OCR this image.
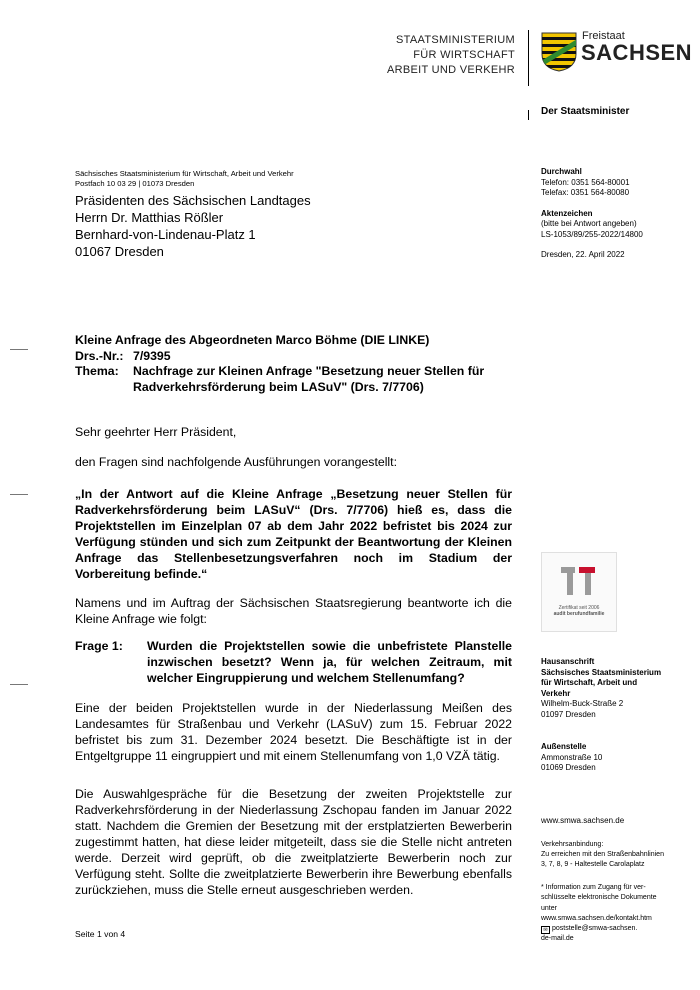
STAATSMINISTERIUM
FÜR WIRTSCHAFT
ARBEIT UND VERKEHR
Freistaat
SACHSEN
Der Staatsminister
Sächsisches Staatsministerium für Wirtschaft, Arbeit und Verkehr
Postfach 10 03 29 | 01073 Dresden
Präsidenten des Sächsischen Landtages
Herrn Dr. Matthias Rößler
Bernhard-von-Lindenau-Platz 1
01067 Dresden
Durchwahl
Telefon: 0351 564-80001
Telefax: 0351 564-80080
Aktenzeichen
(bitte bei Antwort angeben)
LS-1053/89/255-2022/14800
Dresden, 22. April 2022
Kleine Anfrage des Abgeordneten Marco Böhme (DIE LINKE)
Drs.-Nr.: 7/9395
Thema: Nachfrage zur Kleinen Anfrage "Besetzung neuer Stellen für
Radverkehrsförderung beim LASuV" (Drs. 7/7706)
Sehr geehrter Herr Präsident,
den Fragen sind nachfolgende Ausführungen vorangestellt:
„In der Antwort auf die Kleine Anfrage „Besetzung neuer Stellen für Radverkehrsförderung beim LASuV“ (Drs. 7/7706) hieß es, dass die Projektstellen im Einzelplan 07 ab dem Jahr 2022 befristet bis 2024 zur Verfügung stünden und sich zum Zeitpunkt der Beantwortung der Kleinen Anfrage das Stellenbesetzungsverfahren noch im Stadium der Vorbereitung befinde.“
Namens und im Auftrag der Sächsischen Staatsregierung beantworte ich die Kleine Anfrage wie folgt:
Frage 1: Wurden die Projektstellen sowie die unbefristete Planstelle inzwischen besetzt? Wenn ja, für welchen Zeitraum, mit welcher Eingruppierung und welchem Stellenumfang?
Eine der beiden Projektstellen wurde in der Niederlassung Meißen des Landesamtes für Straßenbau und Verkehr (LASuV) zum 15. Februar 2022 befristet bis zum 31. Dezember 2024 besetzt. Die Beschäftigte ist in der Entgeltgruppe 11 eingruppiert und mit einem Stellenumfang von 1,0 VZÄ tätig.
Die Auswahlgespräche für die Besetzung der zweiten Projektstelle zur Radverkehrsförderung in der Niederlassung Zschopau fanden im Januar 2022 statt. Nachdem die Gremien der Besetzung mit der erstplatzierten Bewerberin zugestimmt hatten, hat diese leider mitgeteilt, dass sie die Stelle nicht antreten werde. Derzeit wird geprüft, ob die zweitplatzierte Bewerberin noch zur Verfügung steht. Sollte die zweitplatzierte Bewerberin ihre Bewerbung ebenfalls zurückziehen, muss die Stelle erneut ausgeschrieben werden.
Zertifikat seit 2006
audit berufundfamilie
Hausanschrift
Sächsisches Staatsministerium
für Wirtschaft, Arbeit und
Verkehr
Wilhelm-Buck-Straße 2
01097 Dresden
Außenstelle
Ammonstraße 10
01069 Dresden
www.smwa.sachsen.de
Verkehrsanbindung:
Zu erreichen mit den Straßenbahnlinien
3, 7, 8, 9 - Haltestelle Carolaplatz
* Information zum Zugang für ver-
schlüsselte elektronische Dokumente
unter
www.smwa.sachsen.de/kontakt.htm
✉ poststelle@smwa-sachsen.
de-mail.de
Seite 1 von 4
